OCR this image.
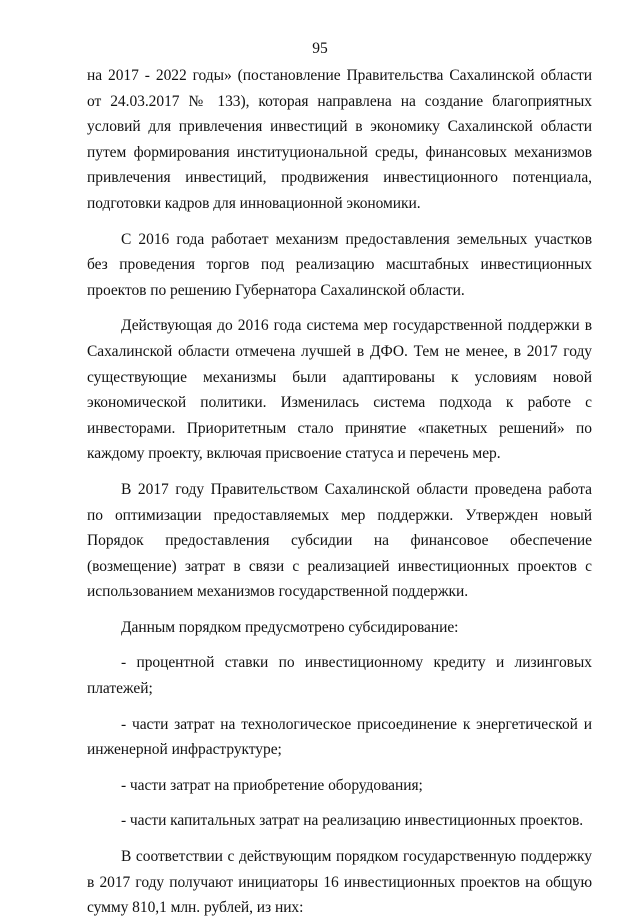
95

на 2017 - 2022 годы» (постановление Правительства Сахалинской области от 24.03.2017 № 133), которая направлена на создание благоприятных условий для привлечения инвестиций в экономику Сахалинской области путем формирования институциональной среды, финансовых механизмов привлечения инвестиций, продвижения инвестиционного потенциала, подготовки кадров для инновационной экономики.

С 2016 года работает механизм предоставления земельных участков без проведения торгов под реализацию масштабных инвестиционных проектов по решению Губернатора Сахалинской области.

Действующая до 2016 года система мер государственной поддержки в Сахалинской области отмечена лучшей в ДФО. Тем не менее, в 2017 году существующие механизмы были адаптированы к условиям новой экономической политики. Изменилась система подхода к работе с инвесторами. Приоритетным стало принятие «пакетных решений» по каждому проекту, включая присвоение статуса и перечень мер.

В 2017 году Правительством Сахалинской области проведена работа по оптимизации предоставляемых мер поддержки. Утвержден новый Порядок предоставления субсидии на финансовое обеспечение (возмещение) затрат в связи с реализацией инвестиционных проектов с использованием механизмов государственной поддержки.

Данным порядком предусмотрено субсидирование:

- процентной ставки по инвестиционному кредиту и лизинговых платежей;

- части затрат на технологическое присоединение к энергетической и инженерной инфраструктуре;

- части затрат на приобретение оборудования;

- части капитальных затрат на реализацию инвестиционных проектов.

В соответствии с действующим порядком государственную поддержку в 2017 году получают инициаторы 16 инвестиционных проектов на общую сумму 810,1 млн. рублей, из них:
